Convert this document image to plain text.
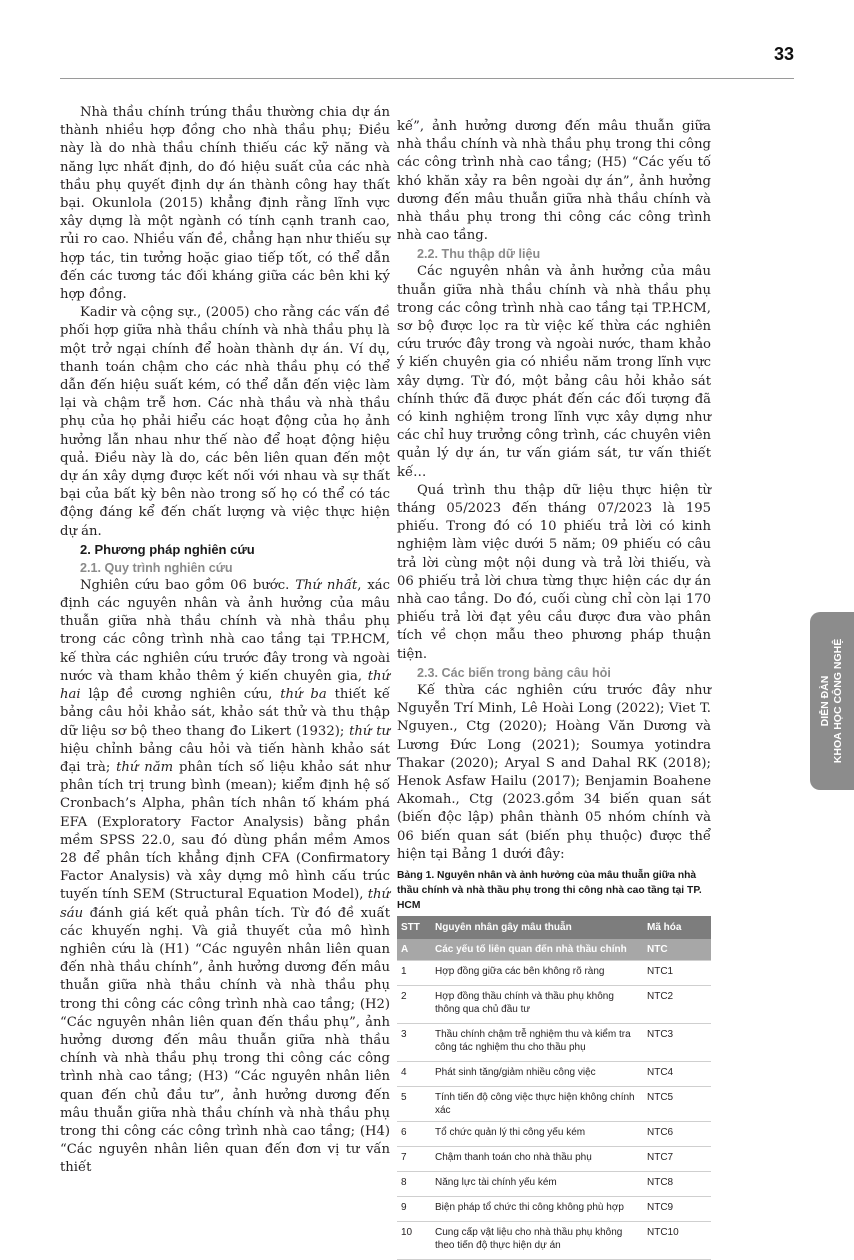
33

Nhà thầu chính trúng thầu thường chia dự án thành nhiều hợp đồng cho nhà thầu phụ; Điều này là do nhà thầu chính thiếu các kỹ năng và năng lực nhất định, do đó hiệu suất của các nhà thầu phụ quyết định dự án thành công hay thất bại. Okunlola (2015) khẳng định rằng lĩnh vực xây dựng là một ngành có tính cạnh tranh cao, rủi ro cao. Nhiều vấn đề, chẳng hạn như thiếu sự hợp tác, tin tưởng hoặc giao tiếp tốt, có thể dẫn đến các tương tác đối kháng giữa các bên khi ký hợp đồng.

Kadir và cộng sự., (2005) cho rằng các vấn đề phối hợp giữa nhà thầu chính và nhà thầu phụ là một trở ngại chính để hoàn thành dự án. Ví dụ, thanh toán chậm cho các nhà thầu phụ có thể dẫn đến hiệu suất kém, có thể dẫn đến việc làm lại và chậm trễ hơn. Các nhà thầu và nhà thầu phụ của họ phải hiểu các hoạt động của họ ảnh hưởng lẫn nhau như thế nào để hoạt động hiệu quả. Điều này là do, các bên liên quan đến một dự án xây dựng được kết nối với nhau và sự thất bại của bất kỳ bên nào trong số họ có thể có tác động đáng kể đến chất lượng và việc thực hiện dự án.

2. Phương pháp nghiên cứu
2.1. Quy trình nghiên cứu

Nghiên cứu bao gồm 06 bước. Thứ nhất, xác định các nguyên nhân và ảnh hưởng của mâu thuẫn giữa nhà thầu chính và nhà thầu phụ trong các công trình nhà cao tầng tại TP.HCM, kế thừa các nghiên cứu trước đây trong và ngoài nước và tham khảo thêm ý kiến chuyên gia, thứ hai lập đề cương nghiên cứu, thứ ba thiết kế bảng câu hỏi khảo sát, khảo sát thử và thu thập dữ liệu sơ bộ theo thang đo Likert (1932); thứ tư hiệu chỉnh bảng câu hỏi và tiến hành khảo sát đại trà; thứ năm phân tích số liệu khảo sát như phân tích trị trung bình (mean); kiểm định hệ số Cronbach’s Alpha, phân tích nhân tố khám phá EFA (Exploratory Factor Analysis) bằng phần mềm SPSS 22.0, sau đó dùng phần mềm Amos 28 để phân tích khẳng định CFA (Confirmatory Factor Analysis) và xây dựng mô hình cấu trúc tuyến tính SEM (Structural Equation Model), thứ sáu đánh giá kết quả phân tích. Từ đó đề xuất các khuyến nghị. Và giả thuyết của mô hình nghiên cứu là (H1) “Các nguyên nhân liên quan đến nhà thầu chính”, ảnh hưởng dương đến mâu thuẫn giữa nhà thầu chính và nhà thầu phụ trong thi công các công trình nhà cao tầng; (H2) “Các nguyên nhân liên quan đến thầu phụ”, ảnh hưởng dương đến mâu thuẫn giữa nhà thầu chính và nhà thầu phụ trong thi công các công trình nhà cao tầng; (H3) “Các nguyên nhân liên quan đến chủ đầu tư”, ảnh hưởng dương đến mâu thuẫn giữa nhà thầu chính và nhà thầu phụ trong thi công các công trình nhà cao tầng; (H4) “Các nguyên nhân liên quan đến đơn vị tư vấn thiết

kế”, ảnh hưởng dương đến mâu thuẫn giữa nhà thầu chính và nhà thầu phụ trong thi công các công trình nhà cao tầng; (H5) “Các yếu tố khó khăn xảy ra bên ngoài dự án”, ảnh hưởng dương đến mâu thuẫn giữa nhà thầu chính và nhà thầu phụ trong thi công các công trình nhà cao tầng.

2.2. Thu thập dữ liệu

Các nguyên nhân và ảnh hưởng của mâu thuẫn giữa nhà thầu chính và nhà thầu phụ trong các công trình nhà cao tầng tại TP.HCM, sơ bộ được lọc ra từ việc kế thừa các nghiên cứu trước đây trong và ngoài nước, tham khảo ý kiến chuyên gia có nhiều năm trong lĩnh vực xây dựng. Từ đó, một bảng câu hỏi khảo sát chính thức đã được phát đến các đối tượng đã có kinh nghiệm trong lĩnh vực xây dựng như các chỉ huy trưởng công trình, các chuyên viên quản lý dự án, tư vấn giám sát, tư vấn thiết kế…

Quá trình thu thập dữ liệu thực hiện từ tháng 05/2023 đến tháng 07/2023 là 195 phiếu. Trong đó có 10 phiếu trả lời có kinh nghiệm làm việc dưới 5 năm; 09 phiếu có câu trả lời cùng một nội dung và trả lời thiếu, và 06 phiếu trả lời chưa từng thực hiện các dự án nhà cao tầng. Do đó, cuối cùng chỉ còn lại 170 phiếu trả lời đạt yêu cầu được đưa vào phân tích về chọn mẫu theo phương pháp thuận tiện.

2.3. Các biến trong bảng câu hỏi

Kế thừa các nghiên cứu trước đây như Nguyễn Trí Minh, Lê Hoài Long (2022); Viet T. Nguyen., Ctg (2020); Hoàng Văn Dương và Lương Đức Long (2021); Soumya yotindra Thakar (2020); Aryal S and Dahal RK (2018); Henok Asfaw Hailu (2017); Benjamin Boahene Akomah., Ctg (2023.gồm 34 biến quan sát (biến độc lập) phân thành 05 nhóm chính và 06 biến quan sát (biến phụ thuộc) được thể hiện tại Bảng 1 dưới đây:

Bảng 1. Nguyên nhân và ảnh hưởng của mâu thuẫn giữa nhà thầu chính và nhà thầu phụ trong thi công nhà cao tầng tại TP. HCM
STT	Nguyên nhân gây mâu thuẫn	Mã hóa
A	Các yếu tố liên quan đến nhà thầu chính	NTC
1	Hợp đồng giữa các bên không rõ ràng	NTC1
2	Hợp đồng thầu chính và thầu phụ không thông qua chủ đầu tư	NTC2
3	Thầu chính chậm trễ nghiệm thu và kiểm tra công tác nghiệm thu cho thầu phụ	NTC3
4	Phát sinh tăng/giảm nhiều công việc	NTC4
5	Tính tiến độ công việc thực hiện không chính xác	NTC5
6	Tổ chức quản lý thi công yếu kém	NTC6
7	Chậm thanh toán cho nhà thầu phụ	NTC7
8	Năng lực tài chính yếu kém	NTC8
9	Biện pháp tổ chức thi công không phù hợp	NTC9
10	Cung cấp vật liệu cho nhà thầu phụ không theo tiến độ thực hiện dự án	NTC10
DIỄN ĐÀN KHOA HỌC CÔNG NGHỆ
